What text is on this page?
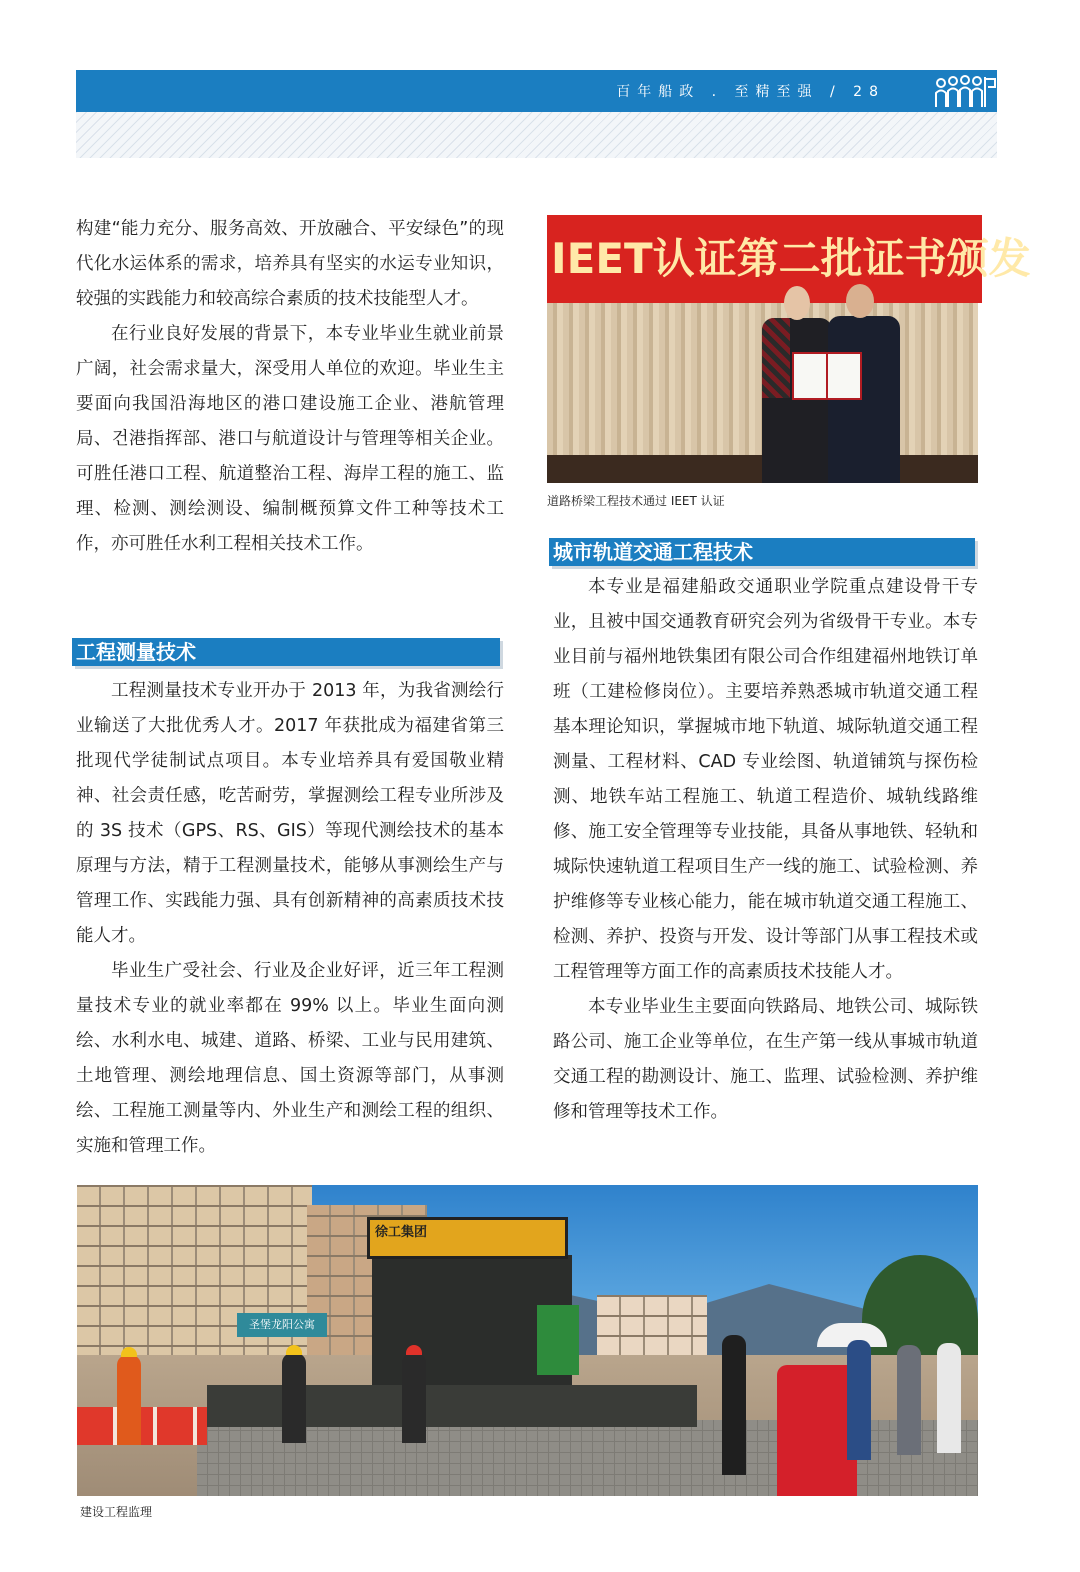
百年船政 . 至精至强 / 28

构建“能力充分、服务高效、开放融合、平安绿色”的现代化水运体系的需求，培养具有坚实的水运专业知识，较强的实践能力和较高综合素质的技术技能型人才。

在行业良好发展的背景下，本专业毕业生就业前景广阔，社会需求量大，深受用人单位的欢迎。毕业生主要面向我国沿海地区的港口建设施工企业、港航管理局、건港指挥部、港口与航道设计与管理等相关企业。可胜任港口工程、航道整治工程、海岸工程的施工、监理、检测、测绘测设、编制概预算文件工种等技术工作，亦可胜任水利工程相关技术工作。

工程测量技术

工程测量技术专业开办于 2013 年，为我省测绘行业输送了大批优秀人才。2017 年获批成为福建省第三批现代学徒制试点项目。本专业培养具有爱国敬业精神、社会责任感，吃苦耐劳，掌握测绘工程专业所涉及的 3S 技术（GPS、RS、GIS）等现代测绘技术的基本原理与方法，精于工程测量技术，能够从事测绘生产与管理工作、实践能力强、具有创新精神的高素质技术技能人才。

毕业生广受社会、行业及企业好评，近三年工程测量技术专业的就业率都在 99% 以上。毕业生面向测绘、水利水电、城建、道路、桥梁、工业与民用建筑、土地管理、测绘地理信息、国土资源等部门，从事测绘、工程施工测量等内、外业生产和测绘工程的组织、实施和管理工作。

IEET认证第二批证书颁发
道路桥梁工程技术通过 IEET 认证
城市轨道交通工程技术

本专业是福建船政交通职业学院重点建设骨干专业，且被中国交通教育研究会列为省级骨干专业。本专业目前与福州地铁集团有限公司合作组建福州地铁订单班（工建检修岗位）。主要培养熟悉城市轨道交通工程基本理论知识，掌握城市地下轨道、城际轨道交通工程测量、工程材料、CAD 专业绘图、轨道铺筑与探伤检测、地铁车站工程施工、轨道工程造价、城轨线路维修、施工安全管理等专业技能，具备从事地铁、轻轨和城际快速轨道工程项目生产一线的施工、试验检测、养护维修等专业核心能力，能在城市轨道交通工程施工、检测、养护、投资与开发、设计等部门从事工程技术或工程管理等方面工作的高素质技术技能人才。

本专业毕业生主要面向铁路局、地铁公司、城际铁路公司、施工企业等单位，在生产第一线从事城市轨道交通工程的勘测设计、施工、监理、试验检测、养护维修和管理等技术工作。

圣堡龙阳公寓
徐工集团
建设工程监理
